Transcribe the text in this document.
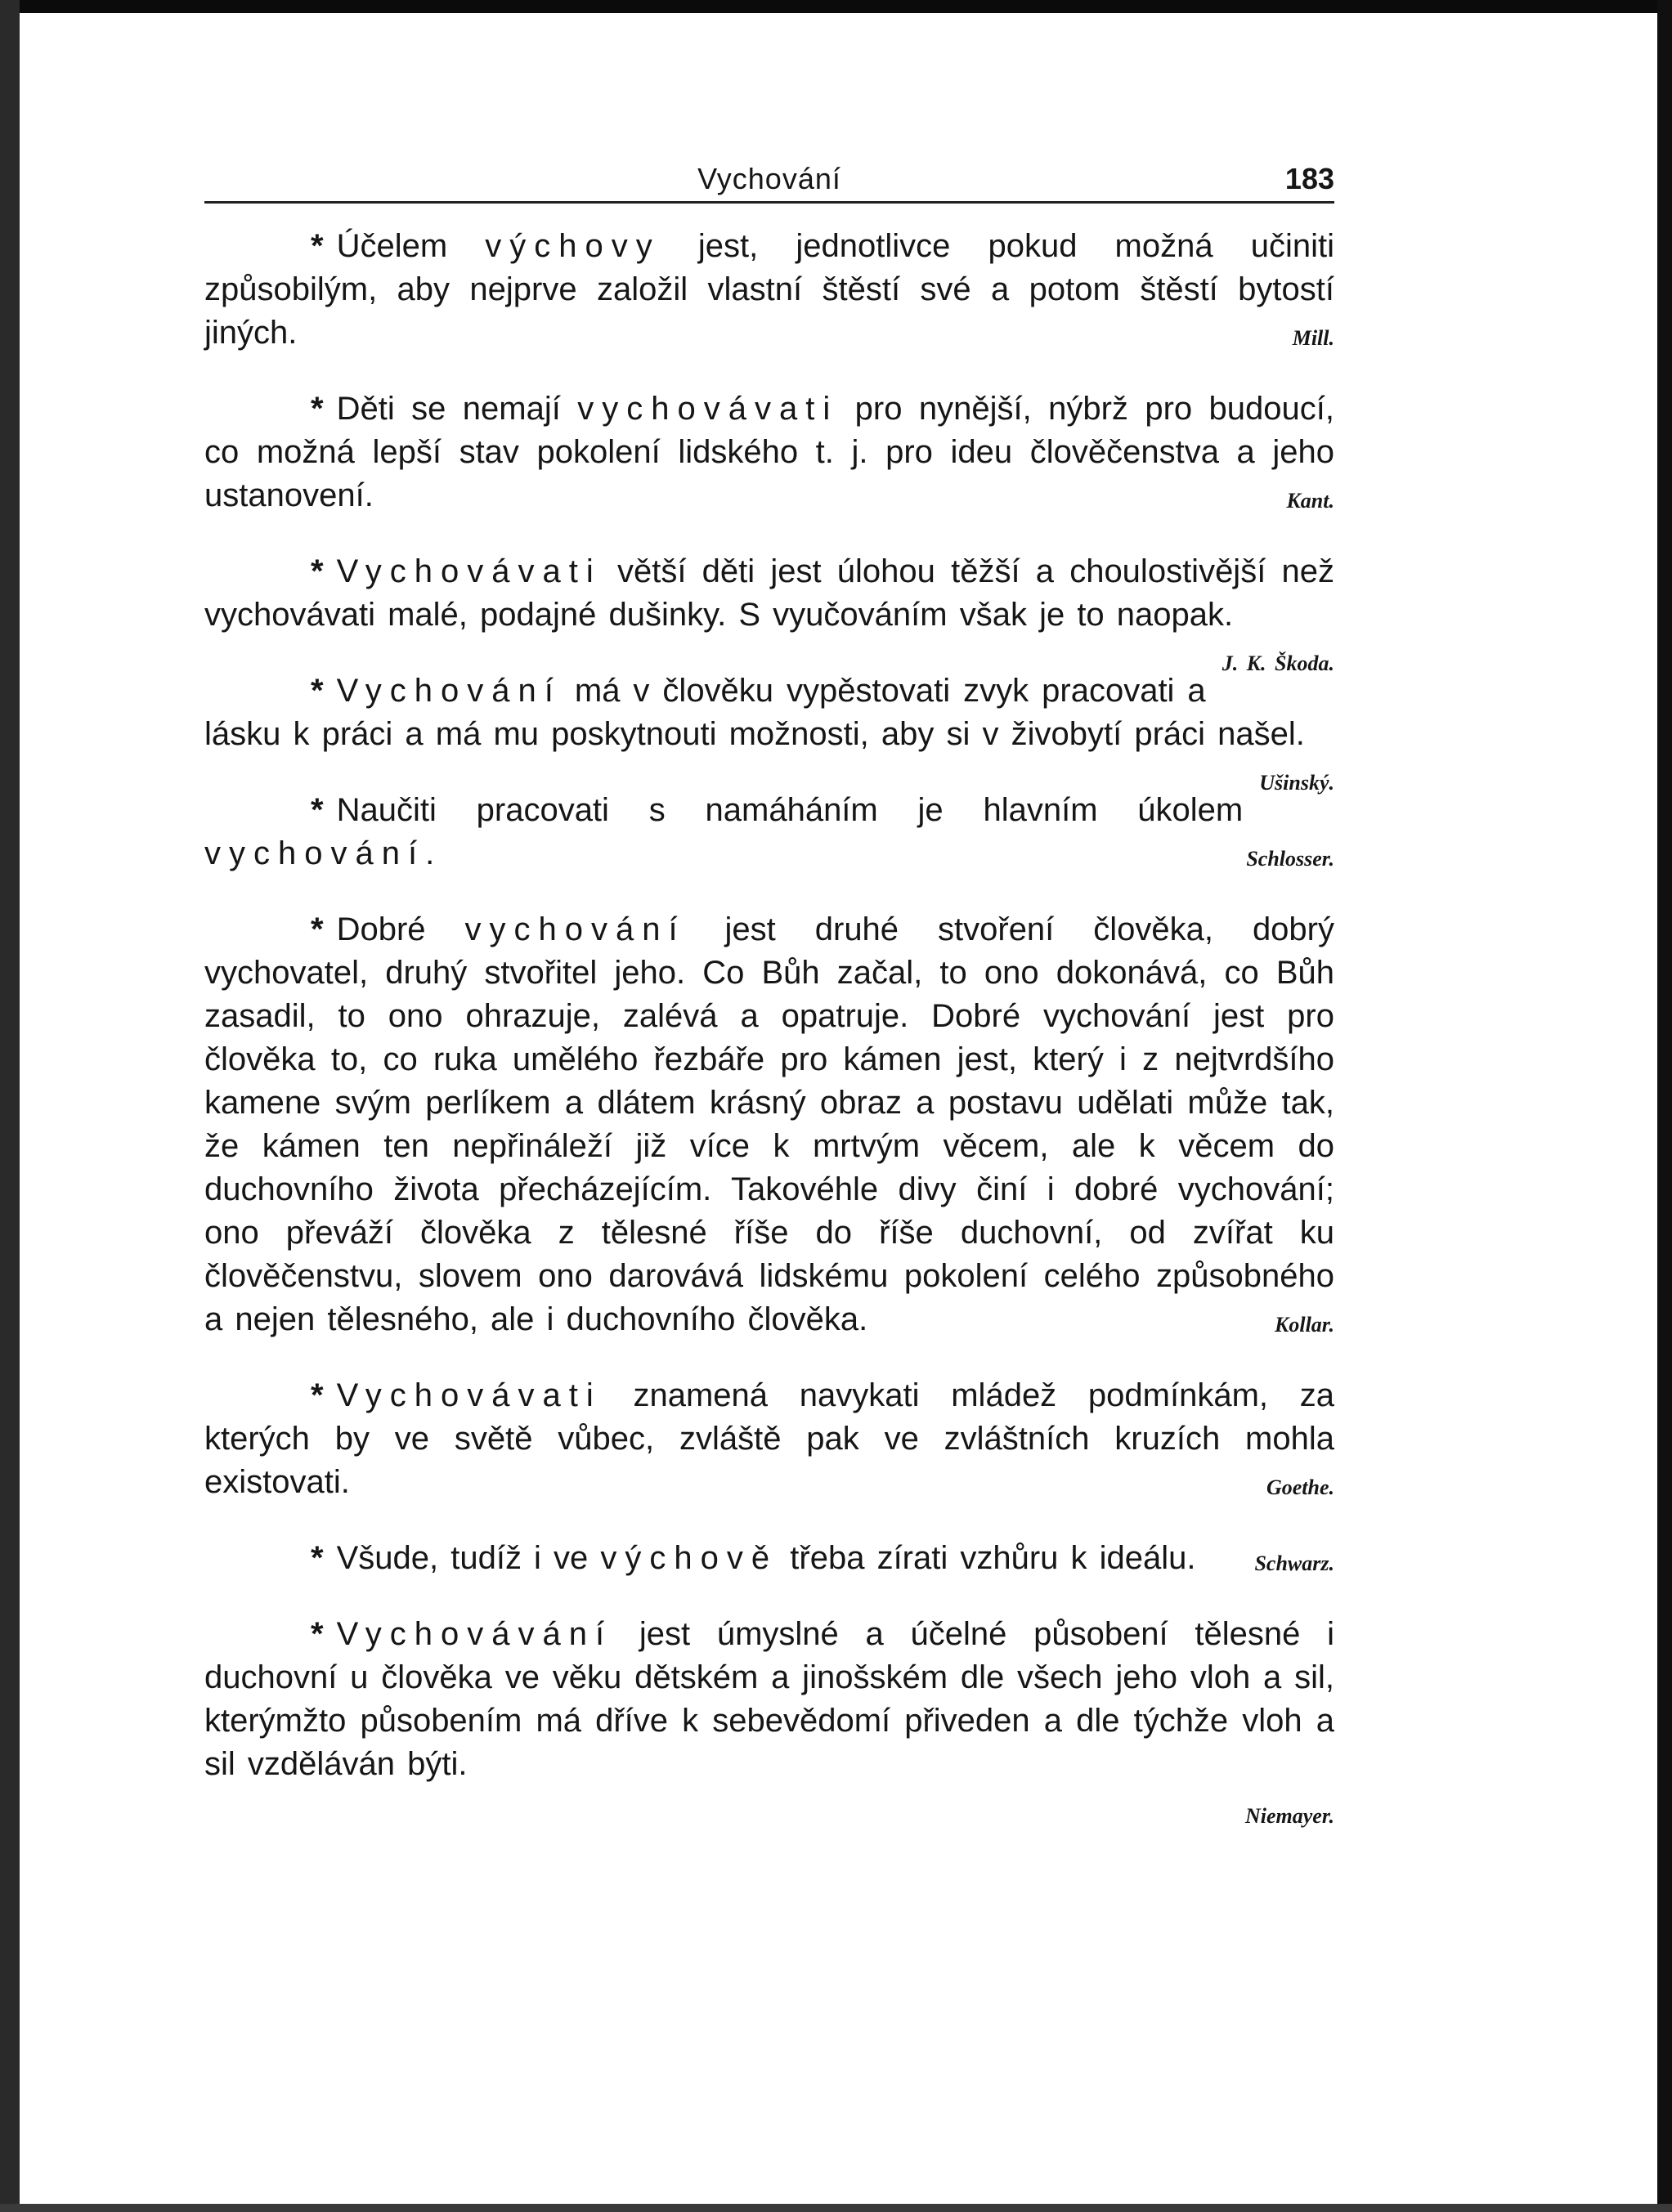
Vychování	183

* Účelem výchovy jest, jednotlivce pokud možná učiniti způsobilým, aby nejprve založil vlastní štěstí své a potom štěstí bytostí jiných.	Mill.

* Děti se nemají vychovávati pro nynější, nýbrž pro budoucí, co možná lepší stav pokolení lidského t. j. pro ideu člověčenstva a jeho ustanovení.	Kant.

* Vychovávati větší děti jest úlohou těžší a choulostivější než vychovávati malé, podajné dušinky. S vyučováním však je to naopak.
J. K. Škoda.

* Vychování má v člověku vypěstovati zvyk pracovati a lásku k práci a má mu poskytnouti možnosti, aby si v živobytí práci našel.
Ušinský.

* Naučiti pracovati s namáháním je hlavním úkolem vychování.	Schlosser.

* Dobré vychování jest druhé stvoření člověka, dobrý vychovatel, druhý stvořitel jeho. Co Bůh začal, to ono dokonává, co Bůh zasadil, to ono ohrazuje, zalévá a opatruje. Dobré vychování jest pro člověka to, co ruka umělého řezbáře pro kámen jest, který i z nejtvrdšího kamene svým perlíkem a dlátem krásný obraz a postavu udělati může tak, že kámen ten nepřináleží již více k mrtvým věcem, ale k věcem do duchovního života přecházejícím. Takovéhle divy činí i dobré vychování; ono převáží člověka z tělesné říše do říše duchovní, od zvířat ku člověčenstvu, slovem ono darovává lidskému pokolení celého způsobného a nejen tělesného, ale i duchovního člověka.	Kollar.

* Vychovávati znamená navykati mládež podmínkám, za kterých by ve světě vůbec, zvláště pak ve zvláštních kruzích mohla existovati.	Goethe.

* Všude, tudíž i ve výchově třeba zírati vzhůru k ideálu.	Schwarz.

* Vychovávání jest úmyslné a účelné působení tělesné i duchovní u člověka ve věku dětském a jinošském dle všech jeho vloh a sil, kterýmžto působením má dříve k sebevědomí přiveden a dle týchže vloh a sil vzděláván býti.
Niemayer.
